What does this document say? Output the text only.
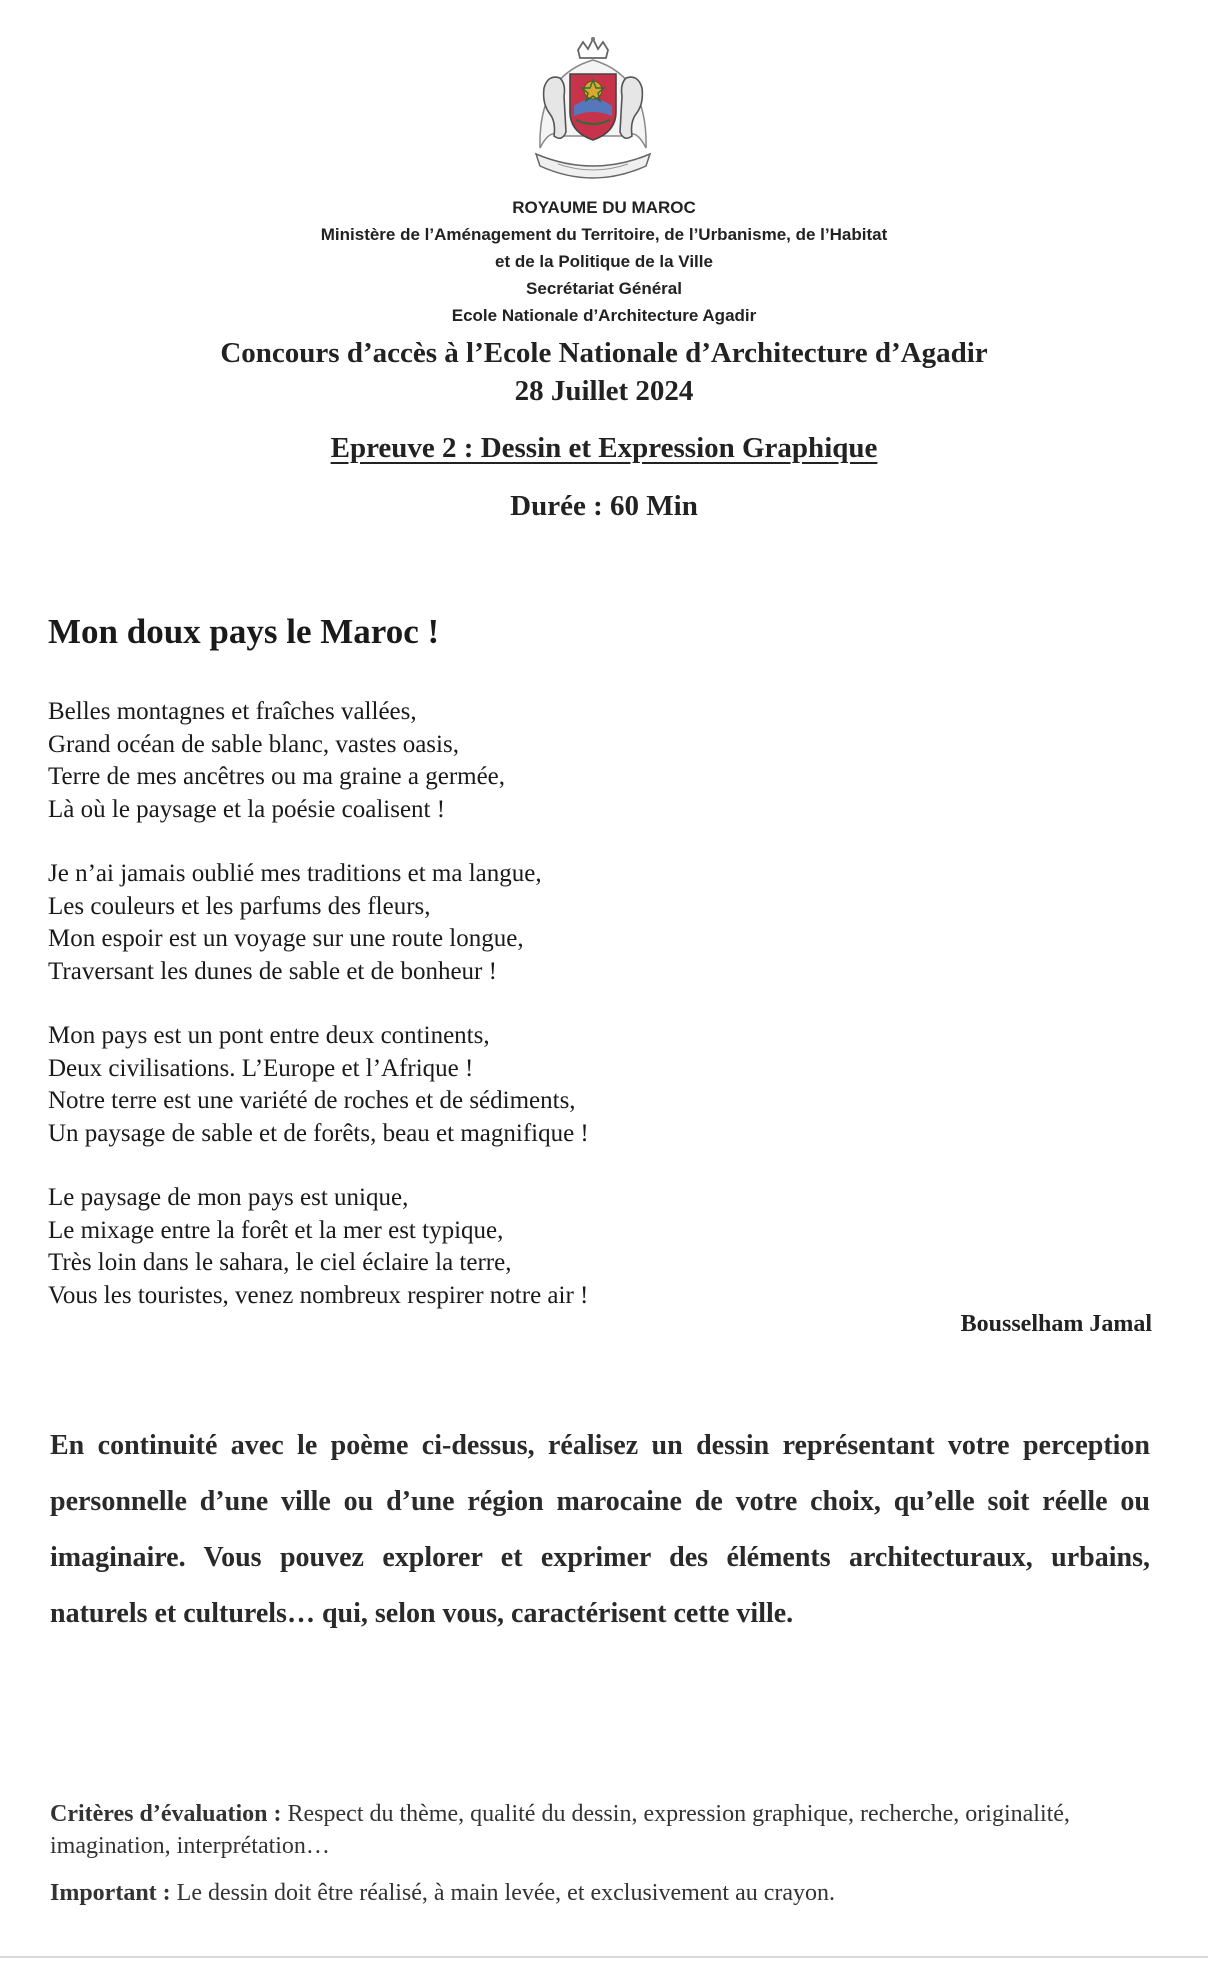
ROYAUME DU MAROC
Ministère de l’Aménagement du Territoire, de l’Urbanisme, de l’Habitat
et de la Politique de la Ville
Secrétariat Général
Ecole Nationale d’Architecture Agadir
Concours d’accès à l’Ecole Nationale d’Architecture d’Agadir
28 Juillet 2024
Epreuve 2 : Dessin et Expression Graphique
Durée : 60 Min
Mon doux pays le Maroc !
Belles montagnes et fraîches vallées,
Grand océan de sable blanc, vastes oasis,
Terre de mes ancêtres ou ma graine a germée,
Là où le paysage et la poésie coalisent !
Je n’ai jamais oublié mes traditions et ma langue,
Les couleurs et les parfums des fleurs,
Mon espoir est un voyage sur une route longue,
Traversant les dunes de sable et de bonheur !
Mon pays est un pont entre deux continents,
Deux civilisations. L’Europe et l’Afrique !
Notre terre est une variété de roches et de sédiments,
Un paysage de sable et de forêts, beau et magnifique !
Le paysage de mon pays est unique,
Le mixage entre la forêt et la mer est typique,
Très loin dans le sahara, le ciel éclaire la terre,
Vous les touristes, venez nombreux respirer notre air !
Bousselham Jamal
En continuité avec le poème ci-dessus, réalisez un dessin représentant votre perception personnelle d’une ville ou d’une région marocaine de votre choix, qu’elle soit réelle ou imaginaire. Vous pouvez explorer et exprimer des éléments architecturaux, urbains, naturels et culturels… qui, selon vous, caractérisent cette ville.
Critères d’évaluation : Respect du thème, qualité du dessin, expression graphique, recherche, originalité, imagination, interprétation…
Important : Le dessin doit être réalisé, à main levée, et exclusivement au crayon.
